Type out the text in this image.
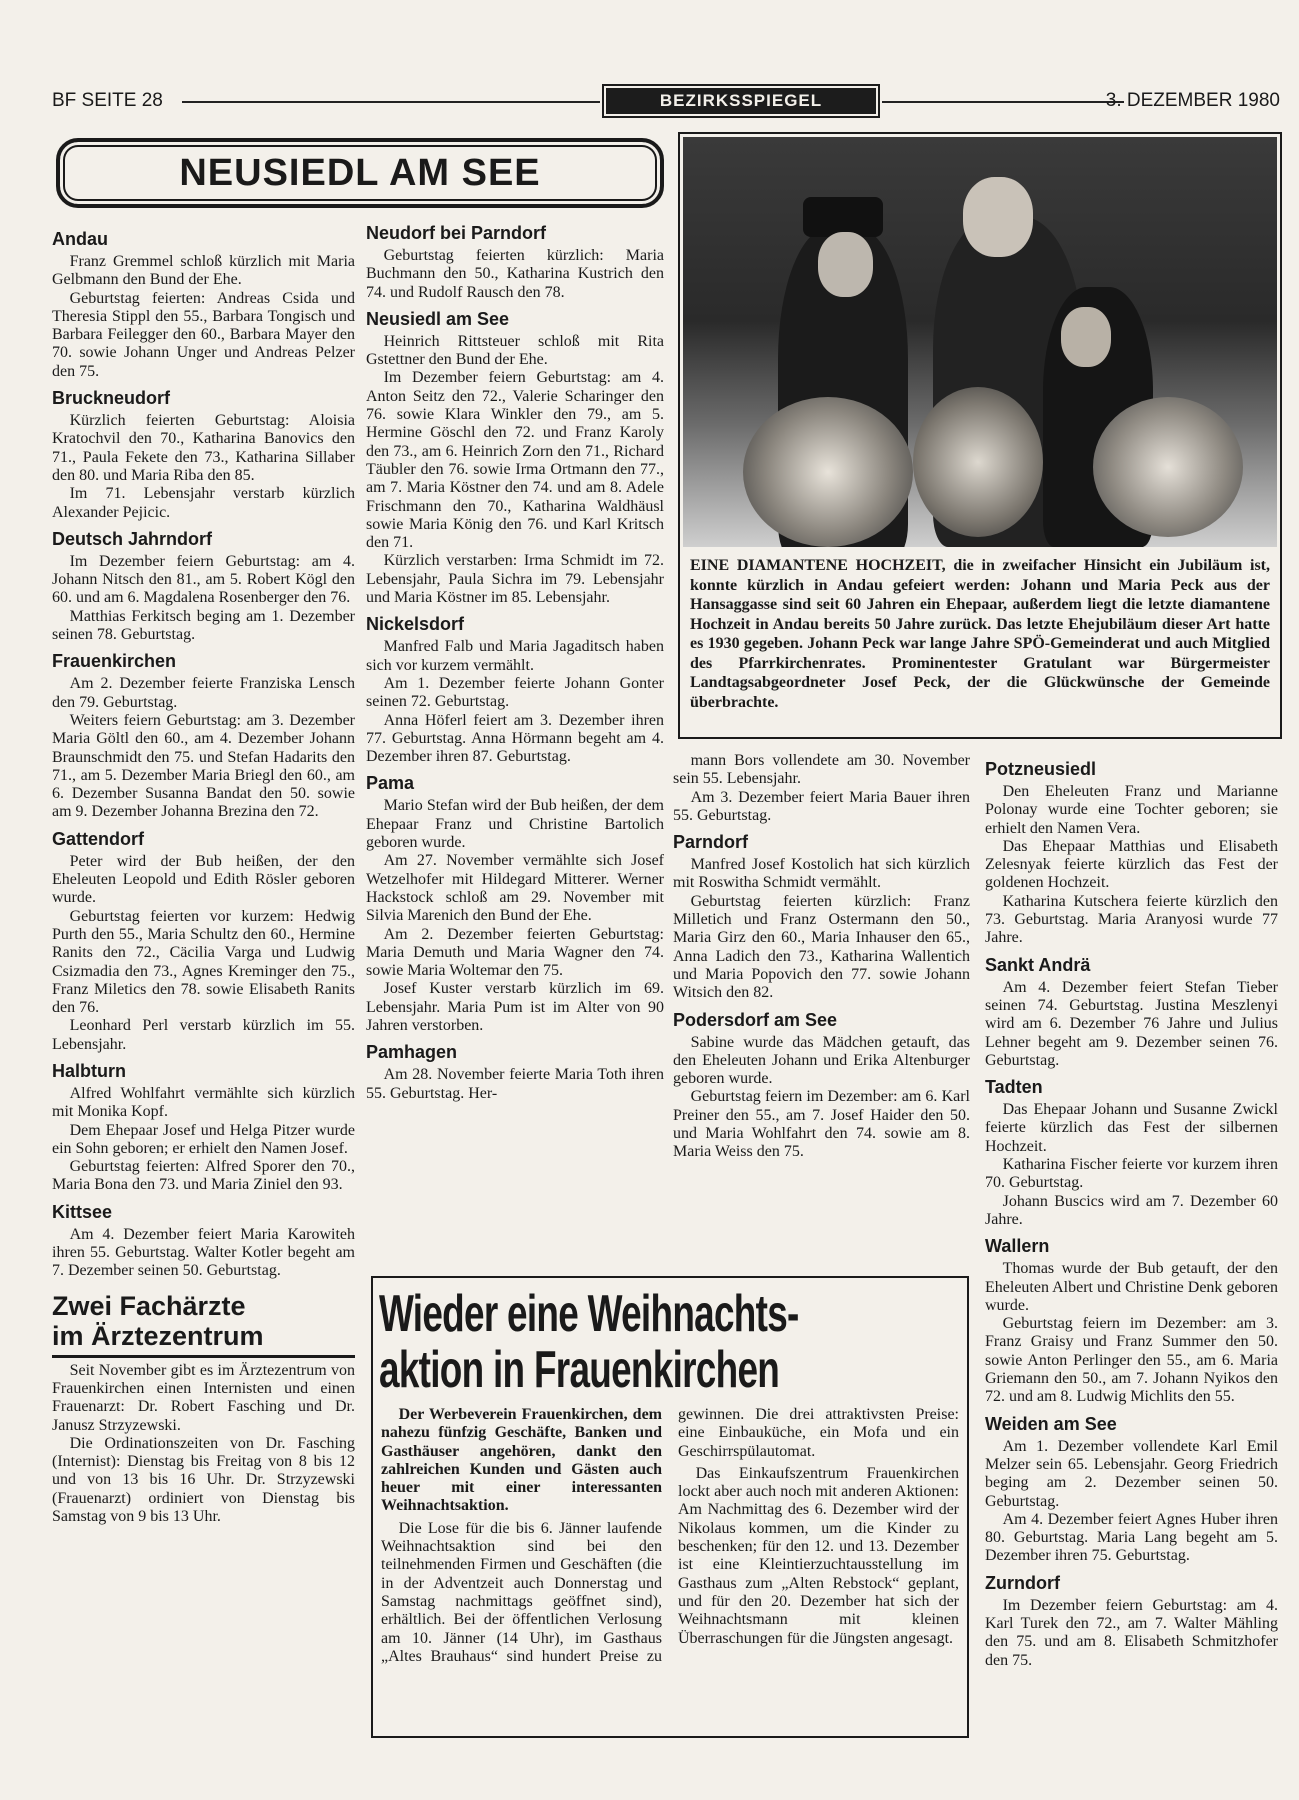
BF SEITE 28	BEZIRKSSPIEGEL	3. DEZEMBER 1980
NEUSIEDL AM SEE
Andau

Franz Gremmel schloß kürzlich mit Maria Gelbmann den Bund der Ehe.

Geburtstag feierten: Andreas Csida und Theresia Stippl den 55., Barbara Tongisch und Barbara Feilegger den 60., Barbara Mayer den 70. sowie Johann Unger und Andreas Pelzer den 75.

Bruckneudorf

Kürzlich feierten Geburtstag: Aloisia Kratochvil den 70., Katharina Banovics den 71., Paula Fekete den 73., Katharina Sillaber den 80. und Maria Riba den 85.

Im 71. Lebensjahr verstarb kürzlich Alexander Pejicic.

Deutsch Jahrndorf

Im Dezember feiern Geburtstag: am 4. Johann Nitsch den 81., am 5. Robert Kögl den 60. und am 6. Magdalena Rosenberger den 76.

Matthias Ferkitsch beging am 1. Dezember seinen 78. Geburtstag.

Frauenkirchen

Am 2. Dezember feierte Franziska Lensch den 79. Geburtstag.

Weiters feiern Geburtstag: am 3. Dezember Maria Göltl den 60., am 4. Dezember Johann Braunschmidt den 75. und Stefan Hadarits den 71., am 5. Dezember Maria Briegl den 60., am 6. Dezember Susanna Bandat den 50. sowie am 9. Dezember Johanna Brezina den 72.

Gattendorf

Peter wird der Bub heißen, der den Eheleuten Leopold und Edith Rösler geboren wurde.

Geburtstag feierten vor kurzem: Hedwig Purth den 55., Maria Schultz den 60., Hermine Ranits den 72., Cäcilia Varga und Ludwig Csizmadia den 73., Agnes Kreminger den 75., Franz Miletics den 78. sowie Elisabeth Ranits den 76.

Leonhard Perl verstarb kürzlich im 55. Lebensjahr.

Halbturn

Alfred Wohlfahrt vermählte sich kürzlich mit Monika Kopf.

Dem Ehepaar Josef und Helga Pitzer wurde ein Sohn geboren; er erhielt den Namen Josef.

Geburtstag feierten: Alfred Sporer den 70., Maria Bona den 73. und Maria Ziniel den 93.

Kittsee

Am 4. Dezember feiert Maria Karowiteh ihren 55. Geburtstag. Walter Kotler begeht am 7. Dezember seinen 50. Geburtstag.

Zwei Fachärzte
im Ärztezentrum

Seit November gibt es im Ärztezentrum von Frauenkirchen einen Internisten und einen Frauenarzt: Dr. Robert Fasching und Dr. Janusz Strzyzewski.

Die Ordinationszeiten von Dr. Fasching (Internist): Dienstag bis Freitag von 8 bis 12 und von 13 bis 16 Uhr. Dr. Strzyzewski (Frauenarzt) ordiniert von Dienstag bis Samstag von 9 bis 13 Uhr.

Neudorf bei Parndorf

Geburtstag feierten kürzlich: Maria Buchmann den 50., Katharina Kustrich den 74. und Rudolf Rausch den 78.

Neusiedl am See

Heinrich Rittsteuer schloß mit Rita Gstettner den Bund der Ehe.

Im Dezember feiern Geburtstag: am 4. Anton Seitz den 72., Valerie Scharinger den 76. sowie Klara Winkler den 79., am 5. Hermine Göschl den 72. und Franz Karoly den 73., am 6. Heinrich Zorn den 71., Richard Täubler den 76. sowie Irma Ortmann den 77., am 7. Maria Köstner den 74. und am 8. Adele Frischmann den 70., Katharina Waldhäusl sowie Maria König den 76. und Karl Kritsch den 71.

Kürzlich verstarben: Irma Schmidt im 72. Lebensjahr, Paula Sichra im 79. Lebensjahr und Maria Köstner im 85. Lebensjahr.

Nickelsdorf

Manfred Falb und Maria Jagaditsch haben sich vor kurzem vermählt.

Am 1. Dezember feierte Johann Gonter seinen 72. Geburtstag.

Anna Höferl feiert am 3. Dezember ihren 77. Geburtstag. Anna Hörmann begeht am 4. Dezember ihren 87. Geburtstag.

Pama

Mario Stefan wird der Bub heißen, der dem Ehepaar Franz und Christine Bartolich geboren wurde.

Am 27. November vermählte sich Josef Wetzelhofer mit Hildegard Mitterer. Werner Hackstock schloß am 29. November mit Silvia Marenich den Bund der Ehe.

Am 2. Dezember feierten Geburtstag: Maria Demuth und Maria Wagner den 74. sowie Maria Woltemar den 75.

Josef Kuster verstarb kürzlich im 69. Lebensjahr. Maria Pum ist im Alter von 90 Jahren verstorben.

Pamhagen

Am 28. November feierte Maria Toth ihren 55. Geburtstag. Her-

mann Bors vollendete am 30. November sein 55. Lebensjahr.

Am 3. Dezember feiert Maria Bauer ihren 55. Geburtstag.

Parndorf

Manfred Josef Kostolich hat sich kürzlich mit Roswitha Schmidt vermählt.

Geburtstag feierten kürzlich: Franz Milletich und Franz Ostermann den 50., Maria Girz den 60., Maria Inhauser den 65., Anna Ladich den 73., Katharina Wallentich und Maria Popovich den 77. sowie Johann Witsich den 82.

Podersdorf am See

Sabine wurde das Mädchen getauft, das den Eheleuten Johann und Erika Altenburger geboren wurde.

Geburtstag feiern im Dezember: am 6. Karl Preiner den 55., am 7. Josef Haider den 50. und Maria Wohlfahrt den 74. sowie am 8. Maria Weiss den 75.

Potzneusiedl

Den Eheleuten Franz und Marianne Polonay wurde eine Tochter geboren; sie erhielt den Namen Vera.

Das Ehepaar Matthias und Elisabeth Zelesnyak feierte kürzlich das Fest der goldenen Hochzeit.

Katharina Kutschera feierte kürzlich den 73. Geburtstag. Maria Aranyosi wurde 77 Jahre.

Sankt Andrä

Am 4. Dezember feiert Stefan Tieber seinen 74. Geburtstag. Justina Meszlenyi wird am 6. Dezember 76 Jahre und Julius Lehner begeht am 9. Dezember seinen 76. Geburtstag.

Tadten

Das Ehepaar Johann und Susanne Zwickl feierte kürzlich das Fest der silbernen Hochzeit.

Katharina Fischer feierte vor kurzem ihren 70. Geburtstag.

Johann Buscics wird am 7. Dezember 60 Jahre.

Wallern

Thomas wurde der Bub getauft, der den Eheleuten Albert und Christine Denk geboren wurde.

Geburtstag feiern im Dezember: am 3. Franz Graisy und Franz Summer den 50. sowie Anton Perlinger den 55., am 6. Maria Griemann den 50., am 7. Johann Nyikos den 72. und am 8. Ludwig Michlits den 55.

Weiden am See

Am 1. Dezember vollendete Karl Emil Melzer sein 65. Lebensjahr. Georg Friedrich beging am 2. Dezember seinen 50. Geburtstag.

Am 4. Dezember feiert Agnes Huber ihren 80. Geburtstag. Maria Lang begeht am 5. Dezember ihren 75. Geburtstag.

Zurndorf

Im Dezember feiern Geburtstag: am 4. Karl Turek den 72., am 7. Walter Mähling den 75. und am 8. Elisabeth Schmitzhofer den 75.

EINE DIAMANTENE HOCHZEIT, die in zweifacher Hinsicht ein Jubiläum ist, konnte kürzlich in Andau gefeiert werden: Johann und Maria Peck aus der Hansaggasse sind seit 60 Jahren ein Ehepaar, außerdem liegt die letzte diamantene Hochzeit in Andau bereits 50 Jahre zurück. Das letzte Ehejubiläum dieser Art hatte es 1930 gegeben. Johann Peck war lange Jahre SPÖ-Gemeinderat und auch Mitglied des Pfarrkirchenrates. Prominentester Gratulant war Bürgermeister Landtagsabgeordneter Josef Peck, der die Glückwünsche der Gemeinde überbrachte.
Wieder eine Weihnachts-
aktion in Frauenkirchen

Der Werbeverein Frauenkirchen, dem nahezu fünfzig Geschäfte, Banken und Gasthäuser angehören, dankt den zahlreichen Kunden und Gästen auch heuer mit einer interessanten Weihnachtsaktion.

Die Lose für die bis 6. Jänner laufende Weihnachtsaktion sind bei den teilnehmenden Firmen und Geschäften (die in der Adventzeit auch Donnerstag und Samstag nachmittags geöffnet sind), erhältlich. Bei der öffentlichen Verlosung am 10. Jänner (14 Uhr), im Gasthaus „Altes Brauhaus“ sind hundert Preise zu gewinnen. Die drei attraktivsten Preise: eine Einbauküche, ein Mofa und ein Geschirrspülautomat.

Das Einkaufszentrum Frauenkirchen lockt aber auch noch mit anderen Aktionen: Am Nachmittag des 6. Dezember wird der Nikolaus kommen, um die Kinder zu beschenken; für den 12. und 13. Dezember ist eine Kleintierzuchtausstellung im Gasthaus zum „Alten Rebstock“ geplant, und für den 20. Dezember hat sich der Weihnachtsmann mit kleinen Überraschungen für die Jüngsten angesagt.
